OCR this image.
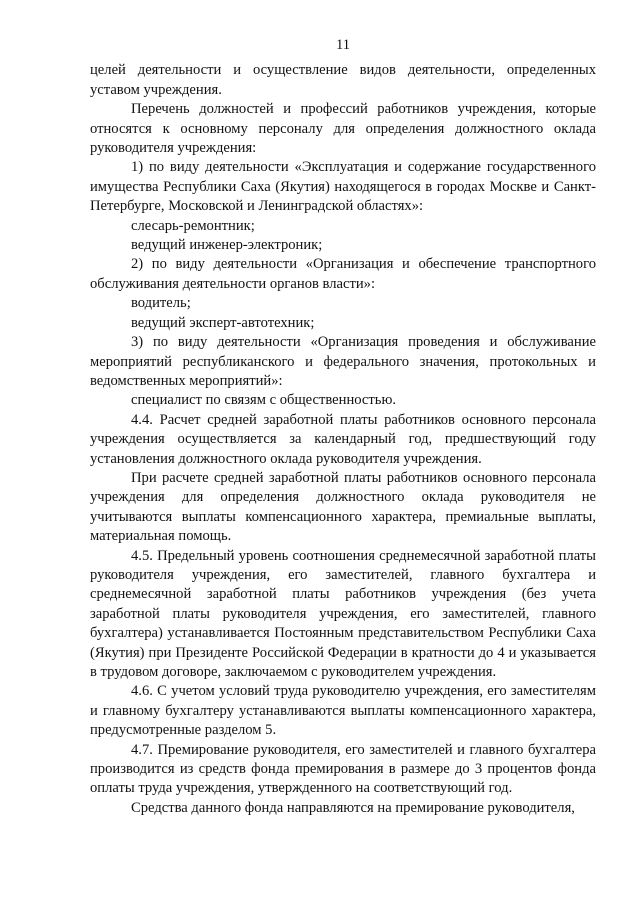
11

целей деятельности и осуществление видов деятельности, определенных уставом учреждения.

Перечень должностей и профессий работников учреждения, которые относятся к основному персоналу для определения должностного оклада руководителя учреждения:

1) по виду деятельности «Эксплуатация и содержание государственного имущества Республики Саха (Якутия) находящегося в городах Москве и Санкт-Петербурге, Московской и Ленинградской областях»:

слесарь-ремонтник;

ведущий инженер-электроник;

2) по виду деятельности «Организация и обеспечение транспортного обслуживания деятельности органов власти»:

водитель;

ведущий эксперт-автотехник;

3) по виду деятельности «Организация проведения и обслуживание мероприятий республиканского и федерального значения, протокольных и ведомственных мероприятий»:

специалист по связям с общественностью.

4.4. Расчет средней заработной платы работников основного персонала учреждения осуществляется за календарный год, предшествующий году установления должностного оклада руководителя учреждения.

При расчете средней заработной платы работников основного персонала учреждения для определения должностного оклада руководителя не учитываются выплаты компенсационного характера, премиальные выплаты, материальная помощь.

4.5. Предельный уровень соотношения среднемесячной заработной платы руководителя учреждения, его заместителей, главного бухгалтера и среднемесячной заработной платы работников учреждения (без учета заработной платы руководителя учреждения, его заместителей, главного бухгалтера) устанавливается Постоянным представительством Республики Саха (Якутия) при Президенте Российской Федерации в кратности до 4 и указывается в трудовом договоре, заключаемом с руководителем учреждения.

4.6. С учетом условий труда руководителю учреждения, его заместителям и главному бухгалтеру устанавливаются выплаты компенсационного характера, предусмотренные разделом 5.

4.7. Премирование руководителя, его заместителей и главного бухгалтера производится из средств фонда премирования в размере до 3 процентов фонда оплаты труда учреждения, утвержденного на соответствующий год.

Средства данного фонда направляются на премирование руководителя,
